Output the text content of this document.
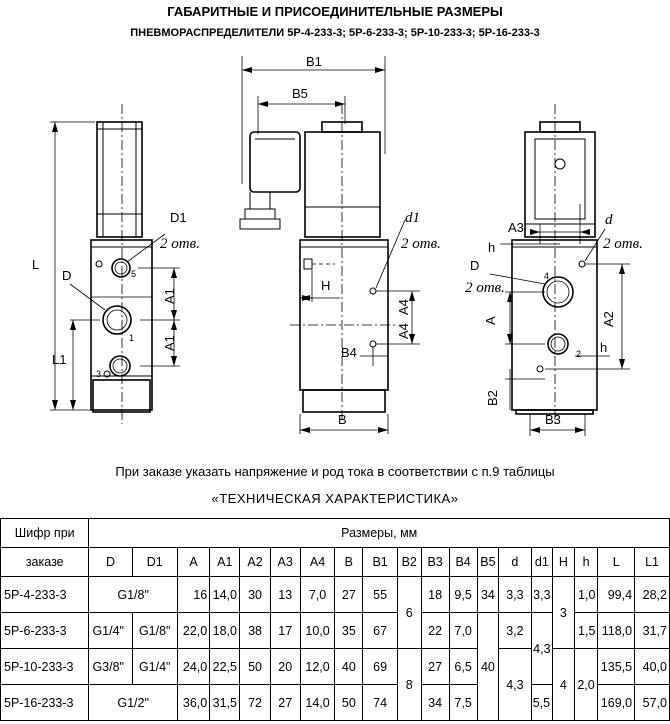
ГАБАРИТНЫЕ И ПРИСОЕДИНИТЕЛЬНЫЕ РАЗМЕРЫ
ПНЕВМОРАСПРЕДЕЛИТЕЛИ 5Р-4-233-3; 5Р-6-233-3; 5Р-10-233-3; 5Р-16-233-3
L
L1
D
D1
2 отв.
A1
A1
5
1
3
B1
B5
d1
2 отв.
H
A4
A4
B4
B
A3	d
2 отв.
h
D
2 отв.
A	A2
h
B2
B3
4
2
При заказе указать напряжение и род тока в соответствии с п.9 таблицы
«ТЕХНИЧЕСКАЯ ХАРАКТЕРИСТИКА»
Шифр при	Размеры, мм																		
заказе	D	D1	A	A1	A2	A3	A4	B	B1	B2	B3	B4	B5	d	d1	H	h	L	L1
5Р-4-233-3	G1/8"		16	14,0	30	13	7,0	27	55	6	18	9,5	34	3,3	3,3	3	1,0	99,4	28,2
5Р-6-233-3	G1/4"	G1/8"	22,0	18,0	38	17	10,0	35	67		22	7,0	40	3,2	4,3		1,5	118,0	31,7
5Р-10-233-3	G3/8"	G1/4"	24,0	22,5	50	20	12,0	40	69	8	27	6,5		4,3		4	2,0	135,5	40,0
5Р-16-233-3	G1/2"		36,0	31,5	72	27	14,0	50	74		34	7,5			5,5			169,0	57,0
